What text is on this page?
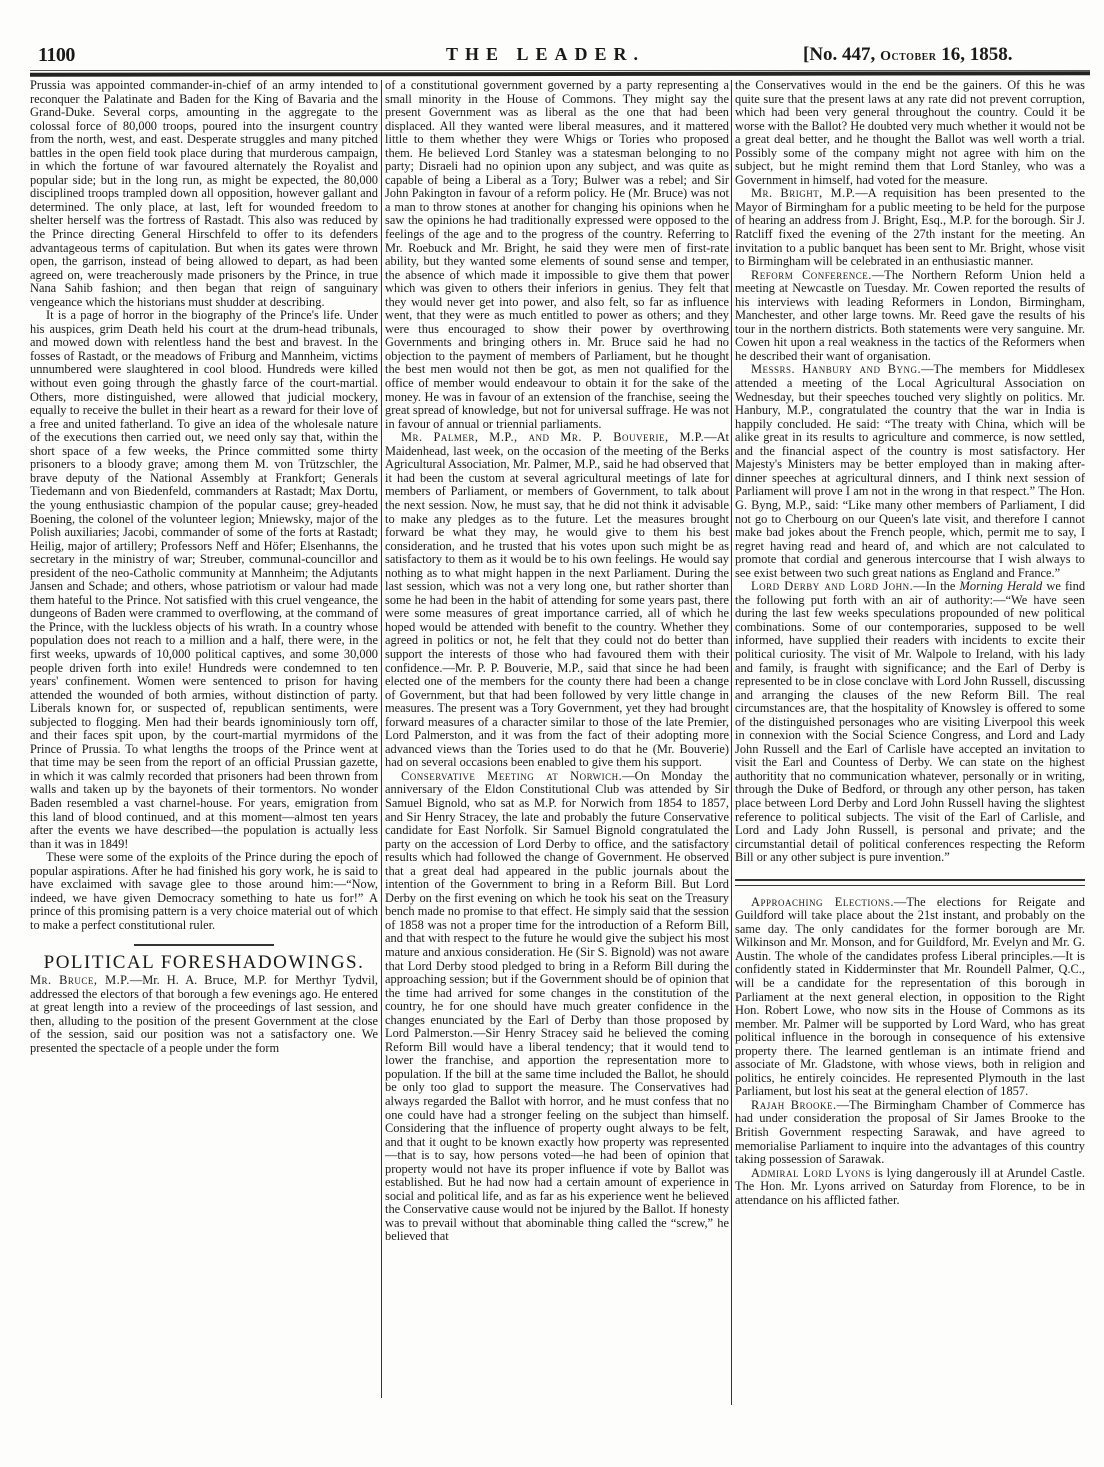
1100	THE LEADER.	[No. 447, October 16, 1858.

Prussia was appointed commander-in-chief of an army intended to reconquer the Palatinate and Baden for the King of Bavaria and the Grand-Duke. Several corps, amounting in the aggregate to the colossal force of 80,000 troops, poured into the insurgent country from the north, west, and east. Desperate struggles and many pitched battles in the open field took place during that murderous campaign, in which the fortune of war favoured alternately the Royalist and popular side; but in the long run, as might be expected, the 80,000 disciplined troops trampled down all opposition, however gallant and determined. The only place, at last, left for wounded freedom to shelter herself was the fortress of Rastadt. This also was reduced by the Prince directing General Hirschfeld to offer to its defenders advantageous terms of capitulation. But when its gates were thrown open, the garrison, instead of being allowed to depart, as had been agreed on, were treacherously made prisoners by the Prince, in true Nana Sahib fashion; and then began that reign of sanguinary vengeance which the historians must shudder at describing.

It is a page of horror in the biography of the Prince's life. Under his auspices, grim Death held his court at the drum-head tribunals, and mowed down with relentless hand the best and bravest. In the fosses of Rastadt, or the meadows of Friburg and Mannheim, victims unnumbered were slaughtered in cool blood. Hundreds were killed without even going through the ghastly farce of the court-martial. Others, more distinguished, were allowed that judicial mockery, equally to receive the bullet in their heart as a reward for their love of a free and united fatherland. To give an idea of the wholesale nature of the executions then carried out, we need only say that, within the short space of a few weeks, the Prince committed some thirty prisoners to a bloody grave; among them M. von Trützschler, the brave deputy of the National Assembly at Frankfort; Generals Tiedemann and von Biedenfeld, commanders at Rastadt; Max Dortu, the young enthusiastic champion of the popular cause; grey-headed Boening, the colonel of the volunteer legion; Mniewsky, major of the Polish auxiliaries; Jacobi, commander of some of the forts at Rastadt; Heilig, major of artillery; Professors Neff and Höfer; Elsenhanns, the secretary in the ministry of war; Streuber, communal-councillor and president of the neo-Catholic community at Mannheim; the Adjutants Jansen and Schade; and others, whose patriotism or valour had made them hateful to the Prince. Not satisfied with this cruel vengeance, the dungeons of Baden were crammed to overflowing, at the command of the Prince, with the luckless objects of his wrath. In a country whose population does not reach to a million and a half, there were, in the first weeks, upwards of 10,000 political captives, and some 30,000 people driven forth into exile! Hundreds were condemned to ten years' confinement. Women were sentenced to prison for having attended the wounded of both armies, without distinction of party. Liberals known for, or suspected of, republican sentiments, were subjected to flogging. Men had their beards ignominiously torn off, and their faces spit upon, by the court-martial myrmidons of the Prince of Prussia. To what lengths the troops of the Prince went at that time may be seen from the report of an official Prussian gazette, in which it was calmly recorded that prisoners had been thrown from walls and taken up by the bayonets of their tormentors. No wonder Baden resembled a vast charnel-house. For years, emigration from this land of blood continued, and at this moment—almost ten years after the events we have described—the population is actually less than it was in 1849!

These were some of the exploits of the Prince during the epoch of popular aspirations. After he had finished his gory work, he is said to have exclaimed with savage glee to those around him:—“Now, indeed, we have given Democracy something to hate us for!” A prince of this promising pattern is a very choice material out of which to make a perfect constitutional ruler.

POLITICAL FORESHADOWINGS.

Mr. Bruce, M.P.—Mr. H. A. Bruce, M.P. for Merthyr Tydvil, addressed the electors of that borough a few evenings ago. He entered at great length into a review of the proceedings of last session, and then, alluding to the position of the present Government at the close of the session, said our position was not a satisfactory one. We presented the spectacle of a people under the form

of a constitutional government governed by a party representing a small minority in the House of Commons. They might say the present Government was as liberal as the one that had been displaced. All they wanted were liberal measures, and it mattered little to them whether they were Whigs or Tories who proposed them. He believed Lord Stanley was a statesman belonging to no party; Disraeli had no opinion upon any subject, and was quite as capable of being a Liberal as a Tory; Bulwer was a rebel; and Sir John Pakington in favour of a reform policy. He (Mr. Bruce) was not a man to throw stones at another for changing his opinions when he saw the opinions he had traditionally expressed were opposed to the feelings of the age and to the progress of the country. Referring to Mr. Roebuck and Mr. Bright, he said they were men of first-rate ability, but they wanted some elements of sound sense and temper, the absence of which made it impossible to give them that power which was given to others their inferiors in genius. They felt that they would never get into power, and also felt, so far as influence went, that they were as much entitled to power as others; and they were thus encouraged to show their power by overthrowing Governments and bringing others in. Mr. Bruce said he had no objection to the payment of members of Parliament, but he thought the best men would not then be got, as men not qualified for the office of member would endeavour to obtain it for the sake of the money. He was in favour of an extension of the franchise, seeing the great spread of knowledge, but not for universal suffrage. He was not in favour of annual or triennial parliaments.

Mr. Palmer, M.P., and Mr. P. Bouverie, M.P.—At Maidenhead, last week, on the occasion of the meeting of the Berks Agricultural Association, Mr. Palmer, M.P., said he had observed that it had been the custom at several agricultural meetings of late for members of Parliament, or members of Government, to talk about the next session. Now, he must say, that he did not think it advisable to make any pledges as to the future. Let the measures brought forward be what they may, he would give to them his best consideration, and he trusted that his votes upon such might be as satisfactory to them as it would be to his own feelings. He would say nothing as to what might happen in the next Parliament. During the last session, which was not a very long one, but rather shorter than some he had been in the habit of attending for some years past, there were some measures of great importance carried, all of which he hoped would be attended with benefit to the country. Whether they agreed in politics or not, he felt that they could not do better than support the interests of those who had favoured them with their confidence.—Mr. P. P. Bouverie, M.P., said that since he had been elected one of the members for the county there had been a change of Government, but that had been followed by very little change in measures. The present was a Tory Government, yet they had brought forward measures of a character similar to those of the late Premier, Lord Palmerston, and it was from the fact of their adopting more advanced views than the Tories used to do that he (Mr. Bouverie) had on several occasions been enabled to give them his support.

Conservative Meeting at Norwich.—On Monday the anniversary of the Eldon Constitutional Club was attended by Sir Samuel Bignold, who sat as M.P. for Norwich from 1854 to 1857, and Sir Henry Stracey, the late and probably the future Conservative candidate for East Norfolk. Sir Samuel Bignold congratulated the party on the accession of Lord Derby to office, and the satisfactory results which had followed the change of Government. He observed that a great deal had appeared in the public journals about the intention of the Government to bring in a Reform Bill. But Lord Derby on the first evening on which he took his seat on the Treasury bench made no promise to that effect. He simply said that the session of 1858 was not a proper time for the introduction of a Reform Bill, and that with respect to the future he would give the subject his most mature and anxious consideration. He (Sir S. Bignold) was not aware that Lord Derby stood pledged to bring in a Reform Bill during the approaching session; but if the Government should be of opinion that the time had arrived for some changes in the constitution of the country, he for one should have much greater confidence in the changes enunciated by the Earl of Derby than those proposed by Lord Palmerston.—Sir Henry Stracey said he believed the coming Reform Bill would have a liberal tendency; that it would tend to lower the franchise, and apportion the representation more to population. If the bill at the same time included the Ballot, he should be only too glad to support the measure. The Conservatives had always regarded the Ballot with horror, and he must confess that no one could have had a stronger feeling on the subject than himself. Considering that the influence of property ought always to be felt, and that it ought to be known exactly how property was represented—that is to say, how persons voted—he had been of opinion that property would not have its proper influence if vote by Ballot was established. But he had now had a certain amount of experience in social and political life, and as far as his experience went he believed the Conservative cause would not be injured by the Ballot. If honesty was to prevail without that abominable thing called the “screw,” he believed that

the Conservatives would in the end be the gainers. Of this he was quite sure that the present laws at any rate did not prevent corruption, which had been very general throughout the country. Could it be worse with the Ballot? He doubted very much whether it would not be a great deal better, and he thought the Ballot was well worth a trial. Possibly some of the company might not agree with him on the subject, but he might remind them that Lord Stanley, who was a Government in himself, had voted for the measure.

Mr. Bright, M.P.—A requisition has been presented to the Mayor of Birmingham for a public meeting to be held for the purpose of hearing an address from J. Bright, Esq., M.P. for the borough. Sir J. Ratcliff fixed the evening of the 27th instant for the meeting. An invitation to a public banquet has been sent to Mr. Bright, whose visit to Birmingham will be celebrated in an enthusiastic manner.

Reform Conference.—The Northern Reform Union held a meeting at Newcastle on Tuesday. Mr. Cowen reported the results of his interviews with leading Reformers in London, Birmingham, Manchester, and other large towns. Mr. Reed gave the results of his tour in the northern districts. Both statements were very sanguine. Mr. Cowen hit upon a real weakness in the tactics of the Reformers when he described their want of organisation.

Messrs. Hanbury and Byng.—The members for Middlesex attended a meeting of the Local Agricultural Association on Wednesday, but their speeches touched very slightly on politics. Mr. Hanbury, M.P., congratulated the country that the war in India is happily concluded. He said: “The treaty with China, which will be alike great in its results to agriculture and commerce, is now settled, and the financial aspect of the country is most satisfactory. Her Majesty's Ministers may be better employed than in making after-dinner speeches at agricultural dinners, and I think next session of Parliament will prove I am not in the wrong in that respect.” The Hon. G. Byng, M.P., said: “Like many other members of Parliament, I did not go to Cherbourg on our Queen's late visit, and therefore I cannot make bad jokes about the French people, which, permit me to say, I regret having read and heard of, and which are not calculated to promote that cordial and generous intercourse that I wish always to see exist between two such great nations as England and France.”

Lord Derby and Lord John.—In the Morning Herald we find the following put forth with an air of authority:—“We have seen during the last few weeks speculations propounded of new political combinations. Some of our contemporaries, supposed to be well informed, have supplied their readers with incidents to excite their political curiosity. The visit of Mr. Walpole to Ireland, with his lady and family, is fraught with significance; and the Earl of Derby is represented to be in close conclave with Lord John Russell, discussing and arranging the clauses of the new Reform Bill. The real circumstances are, that the hospitality of Knowsley is offered to some of the distinguished personages who are visiting Liverpool this week in connexion with the Social Science Congress, and Lord and Lady John Russell and the Earl of Carlisle have accepted an invitation to visit the Earl and Countess of Derby. We can state on the highest authoritity that no communication whatever, personally or in writing, through the Duke of Bedford, or through any other person, has taken place between Lord Derby and Lord John Russell having the slightest reference to political subjects. The visit of the Earl of Carlisle, and Lord and Lady John Russell, is personal and private; and the circumstantial detail of political conferences respecting the Reform Bill or any other subject is pure invention.”

Approaching Elections.—The elections for Reigate and Guildford will take place about the 21st instant, and probably on the same day. The only candidates for the former borough are Mr. Wilkinson and Mr. Monson, and for Guildford, Mr. Evelyn and Mr. G. Austin. The whole of the candidates profess Liberal principles.—It is confidently stated in Kidderminster that Mr. Roundell Palmer, Q.C., will be a candidate for the representation of this borough in Parliament at the next general election, in opposition to the Right Hon. Robert Lowe, who now sits in the House of Commons as its member. Mr. Palmer will be supported by Lord Ward, who has great political influence in the borough in consequence of his extensive property there. The learned gentleman is an intimate friend and associate of Mr. Gladstone, with whose views, both in religion and politics, he entirely coincides. He represented Plymouth in the last Parliament, but lost his seat at the general election of 1857.

Rajah Brooke.—The Birmingham Chamber of Commerce has had under consideration the proposal of Sir James Brooke to the British Government respecting Sarawak, and have agreed to memorialise Parliament to inquire into the advantages of this country taking possession of Sarawak.

Admiral Lord Lyons is lying dangerously ill at Arundel Castle. The Hon. Mr. Lyons arrived on Saturday from Florence, to be in attendance on his afflicted father.
